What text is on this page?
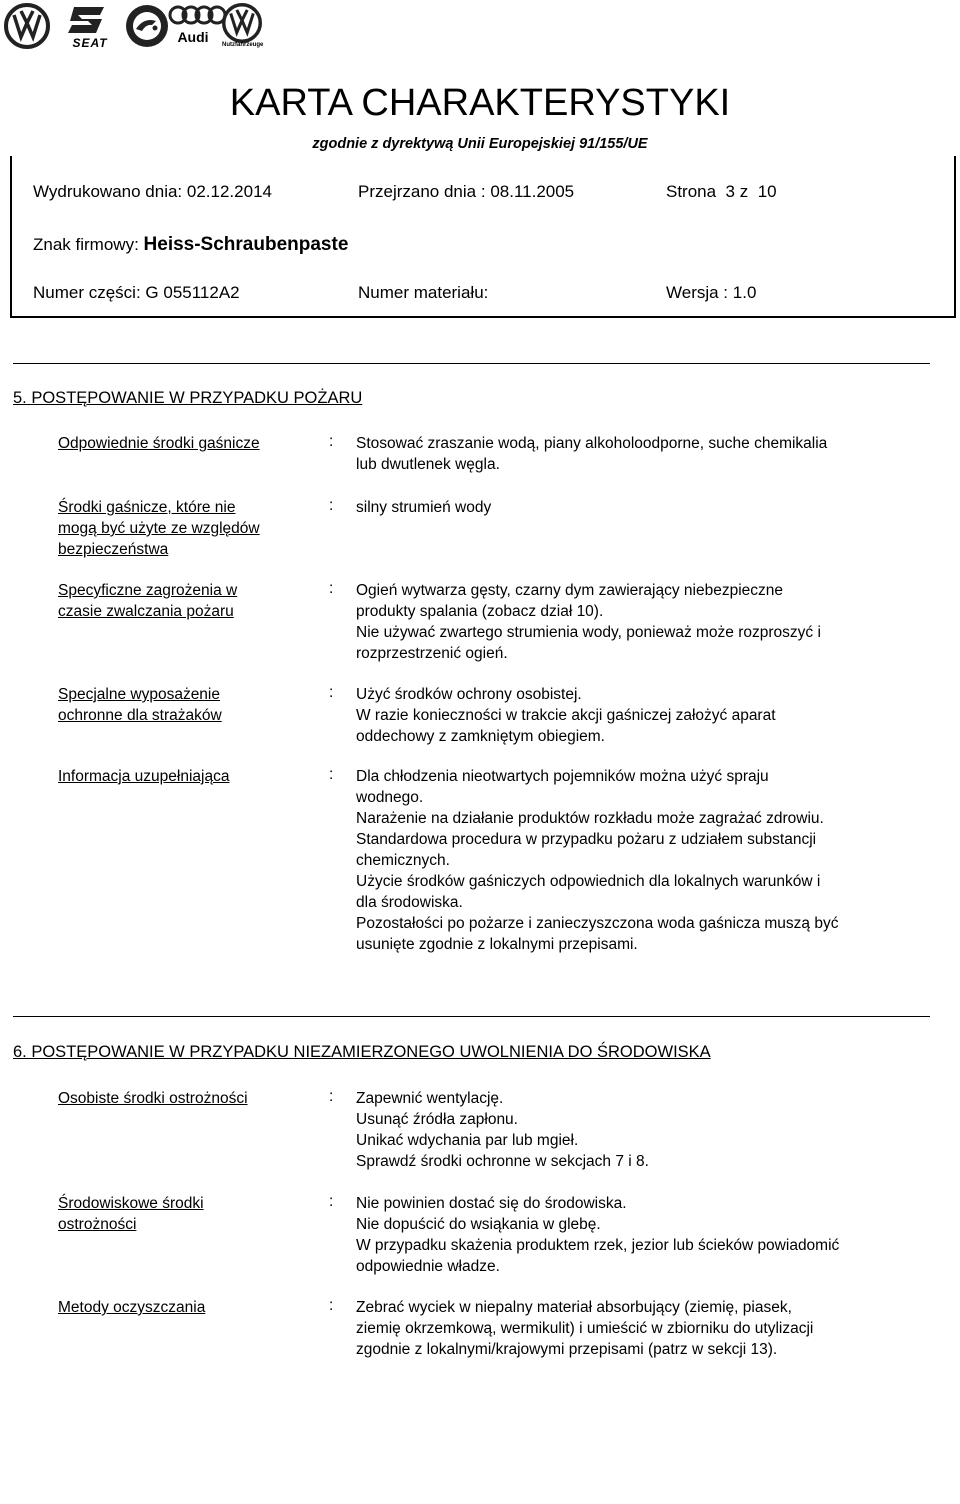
SEAT	Audi	Nutzfahrzeuge
KARTA CHARAKTERYSTYKI
zgodnie z dyrektywą Unii Europejskiej 91/155/UE
Wydrukowano dnia: 02.12.2014	Przejrzano dnia : 08.11.2005	Strona 3 z 10
Znak firmowy: Heiss-Schraubenpaste
Numer części: G 055112A2	Numer materiału:	Wersja : 1.0
5. POSTĘPOWANIE W PRZYPADKU POŻARU
Odpowiednie środki gaśnicze	: Stosować zraszanie wodą, piany alkoholoodporne, suche chemikalia
lub dwutlenek węgla.
Środki gaśnicze, które nie
mogą być użyte ze względów
bezpieczeństwa
: silny strumień wody
Specyficzne zagrożenia w
czasie zwalczania pożaru
: Ogień wytwarza gęsty, czarny dym zawierający niebezpieczne
produkty spalania (zobacz dział 10).
Nie używać zwartego strumienia wody, ponieważ może rozproszyć i
rozprzestrzenić ogień.
Specjalne wyposażenie
ochronne dla strażaków
: Użyć środków ochrony osobistej.
W razie konieczności w trakcie akcji gaśniczej założyć aparat
oddechowy z zamkniętym obiegiem.
Informacja uzupełniająca	: Dla chłodzenia nieotwartych pojemników można użyć spraju
wodnego.
Narażenie na działanie produktów rozkładu może zagrażać zdrowiu.
Standardowa procedura w przypadku pożaru z udziałem substancji
chemicznych.
Użycie środków gaśniczych odpowiednich dla lokalnych warunków i
dla środowiska.
Pozostałości po pożarze i zanieczyszczona woda gaśnicza muszą być
usunięte zgodnie z lokalnymi przepisami.
6. POSTĘPOWANIE W PRZYPADKU NIEZAMIERZONEGO UWOLNIENIA DO ŚRODOWISKA
Osobiste środki ostrożności	: Zapewnić wentylację.
Usunąć źródła zapłonu.
Unikać wdychania par lub mgieł.
Sprawdź środki ochronne w sekcjach 7 i 8.
Środowiskowe środki
ostrożności
: Nie powinien dostać się do środowiska.
Nie dopuścić do wsiąkania w glebę.
W przypadku skażenia produktem rzek, jezior lub ścieków powiadomić
odpowiednie władze.
Metody oczyszczania	: Zebrać wyciek w niepalny materiał absorbujący (ziemię, piasek,
ziemię okrzemkową, wermikulit) i umieścić w zbiorniku do utylizacji
zgodnie z lokalnymi/krajowymi przepisami (patrz w sekcji 13).
